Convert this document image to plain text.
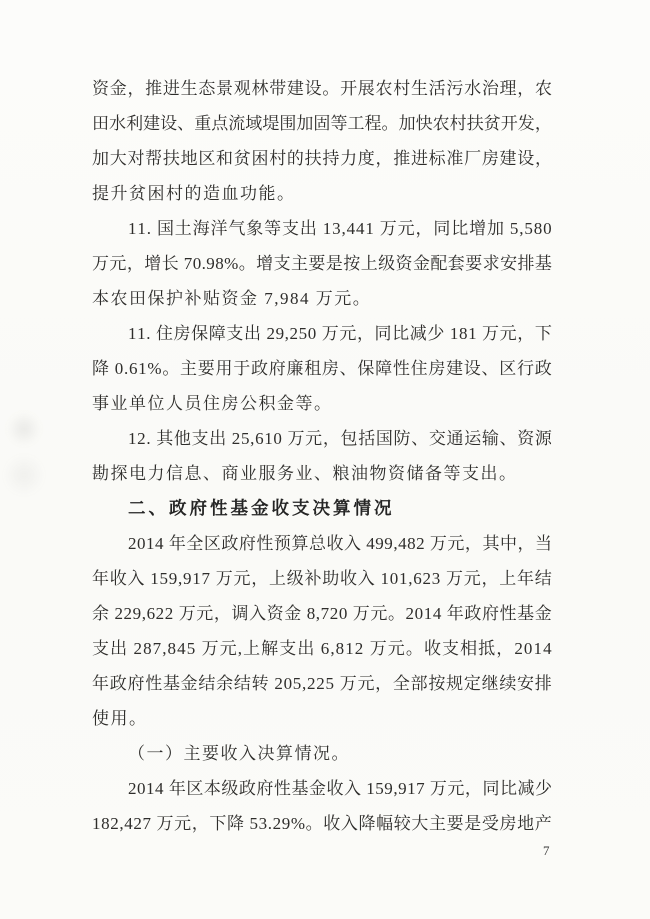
资 金 ， 推 进 生 态 景 观 林 带 建 设 。 开 展 农 村 生 活 污 水 治 理 ， 农
田 水 利 建 设 、 重 点 流 域 堤 围 加 固 等 工 程 。 加 快 农 村 扶 贫 开 发 ，
加 大 对 帮 扶 地 区 和 贫 困 村 的 扶 持 力 度 ， 推 进 标 准 厂 房 建 设 ，
提升贫困村的造血功能。
1 1 .
国 土 海 洋 气 象 等 支 出
1 3 , 4 4 1
万 元 ， 同 比 增 加
5 , 5 8 0
万 元 ， 增 长
7 0 . 9 8 % 。 增 支 主 要 是 按 上 级 资 金 配 套 要 求 安 排 基
本农田保护补贴资金 7,984 万元。
1 1 .
住 房 保 障 支 出
2 9 , 2 5 0
万 元 ， 同 比 减 少
1 8 1
万 元 ， 下
降
0 . 6 1 % 。 主 要 用 于 政 府 廉 租 房 、 保 障 性 住 房 建 设 、 区 行 政
事业单位人员住房公积金等。
1 2 .
其 他 支 出
2 5 , 6 1 0
万 元 ， 包 括 国 防 、 交 通 运 输 、 资 源
勘探电力信息、商业服务业、粮油物资储备等支出。
二、政府性基金收支决算情况
2 0 1 4
年 全 区 政 府 性 预 算 总 收 入
4 9 9 , 4 8 2
万 元 ， 其 中 ， 当
年 收 入
1 5 9 , 9 1 7
万 元 ， 上 级 补 助 收 入
1 0 1 , 6 2 3
万 元 ， 上 年 结
余
2 2 9 , 6 2 2
万 元 ， 调 入 资 金
8 , 7 2 0
万 元 。 2 0 1 4
年 政 府 性 基 金
支 出
2 8 7 , 8 4 5
万 元 , 上 解 支 出
6 , 8 1 2
万 元 。 收 支 相 抵 ， 2 0 1 4
年 政 府 性 基 金 结 余 结 转
2 0 5 , 2 2 5
万 元 ， 全 部 按 规 定 继 续 安 排
使用。
（一）主要收入决算情况。
2 0 1 4
年 区 本 级 政 府 性 基 金 收 入
1 5 9 , 9 1 7
万 元 ， 同 比 减 少
1 8 2 , 4 2 7
万 元 ， 下 降
5 3 . 2 9 % 。 收 入 降 幅 较 大 主 要 是 受 房 地 产
7
